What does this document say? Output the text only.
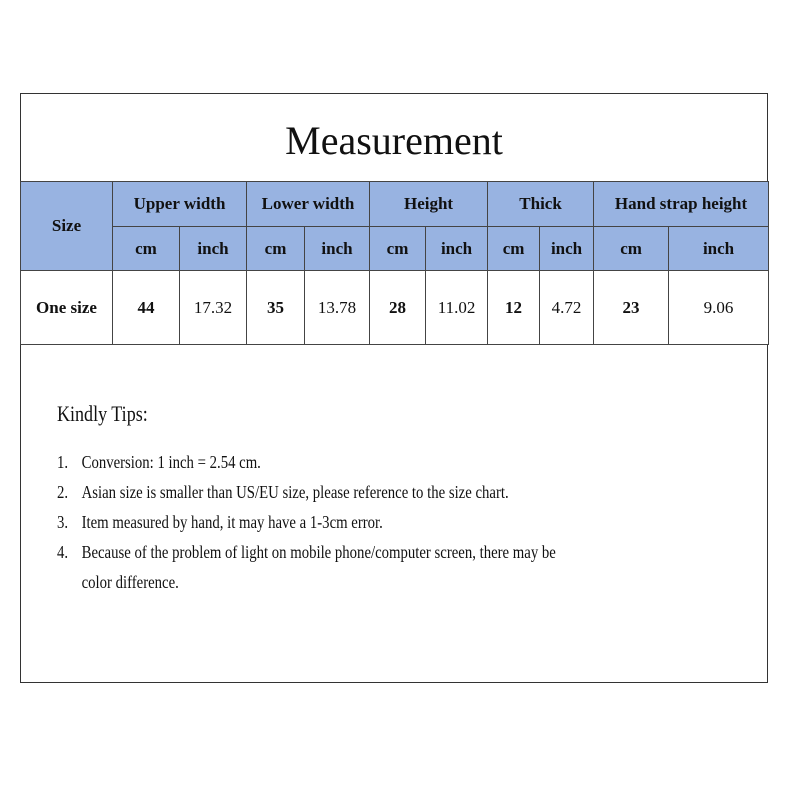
Measurement
Size	Upper width		Lower width		Height		Thick		Hand strap height	
	cm	inch	cm	inch	cm	inch	cm	inch	cm	inch
One size	44	17.32	35	13.78	28	11.02	12	4.72	23	9.06
Kindly Tips:
1. Conversion: 1 inch = 2.54 cm.
2. Asian size is smaller than US/EU size, please reference to the size chart.
3. Item measured by hand, it may have a 1-3cm error.
4. Because of the problem of light on mobile phone/computer screen, there may be
color difference.
